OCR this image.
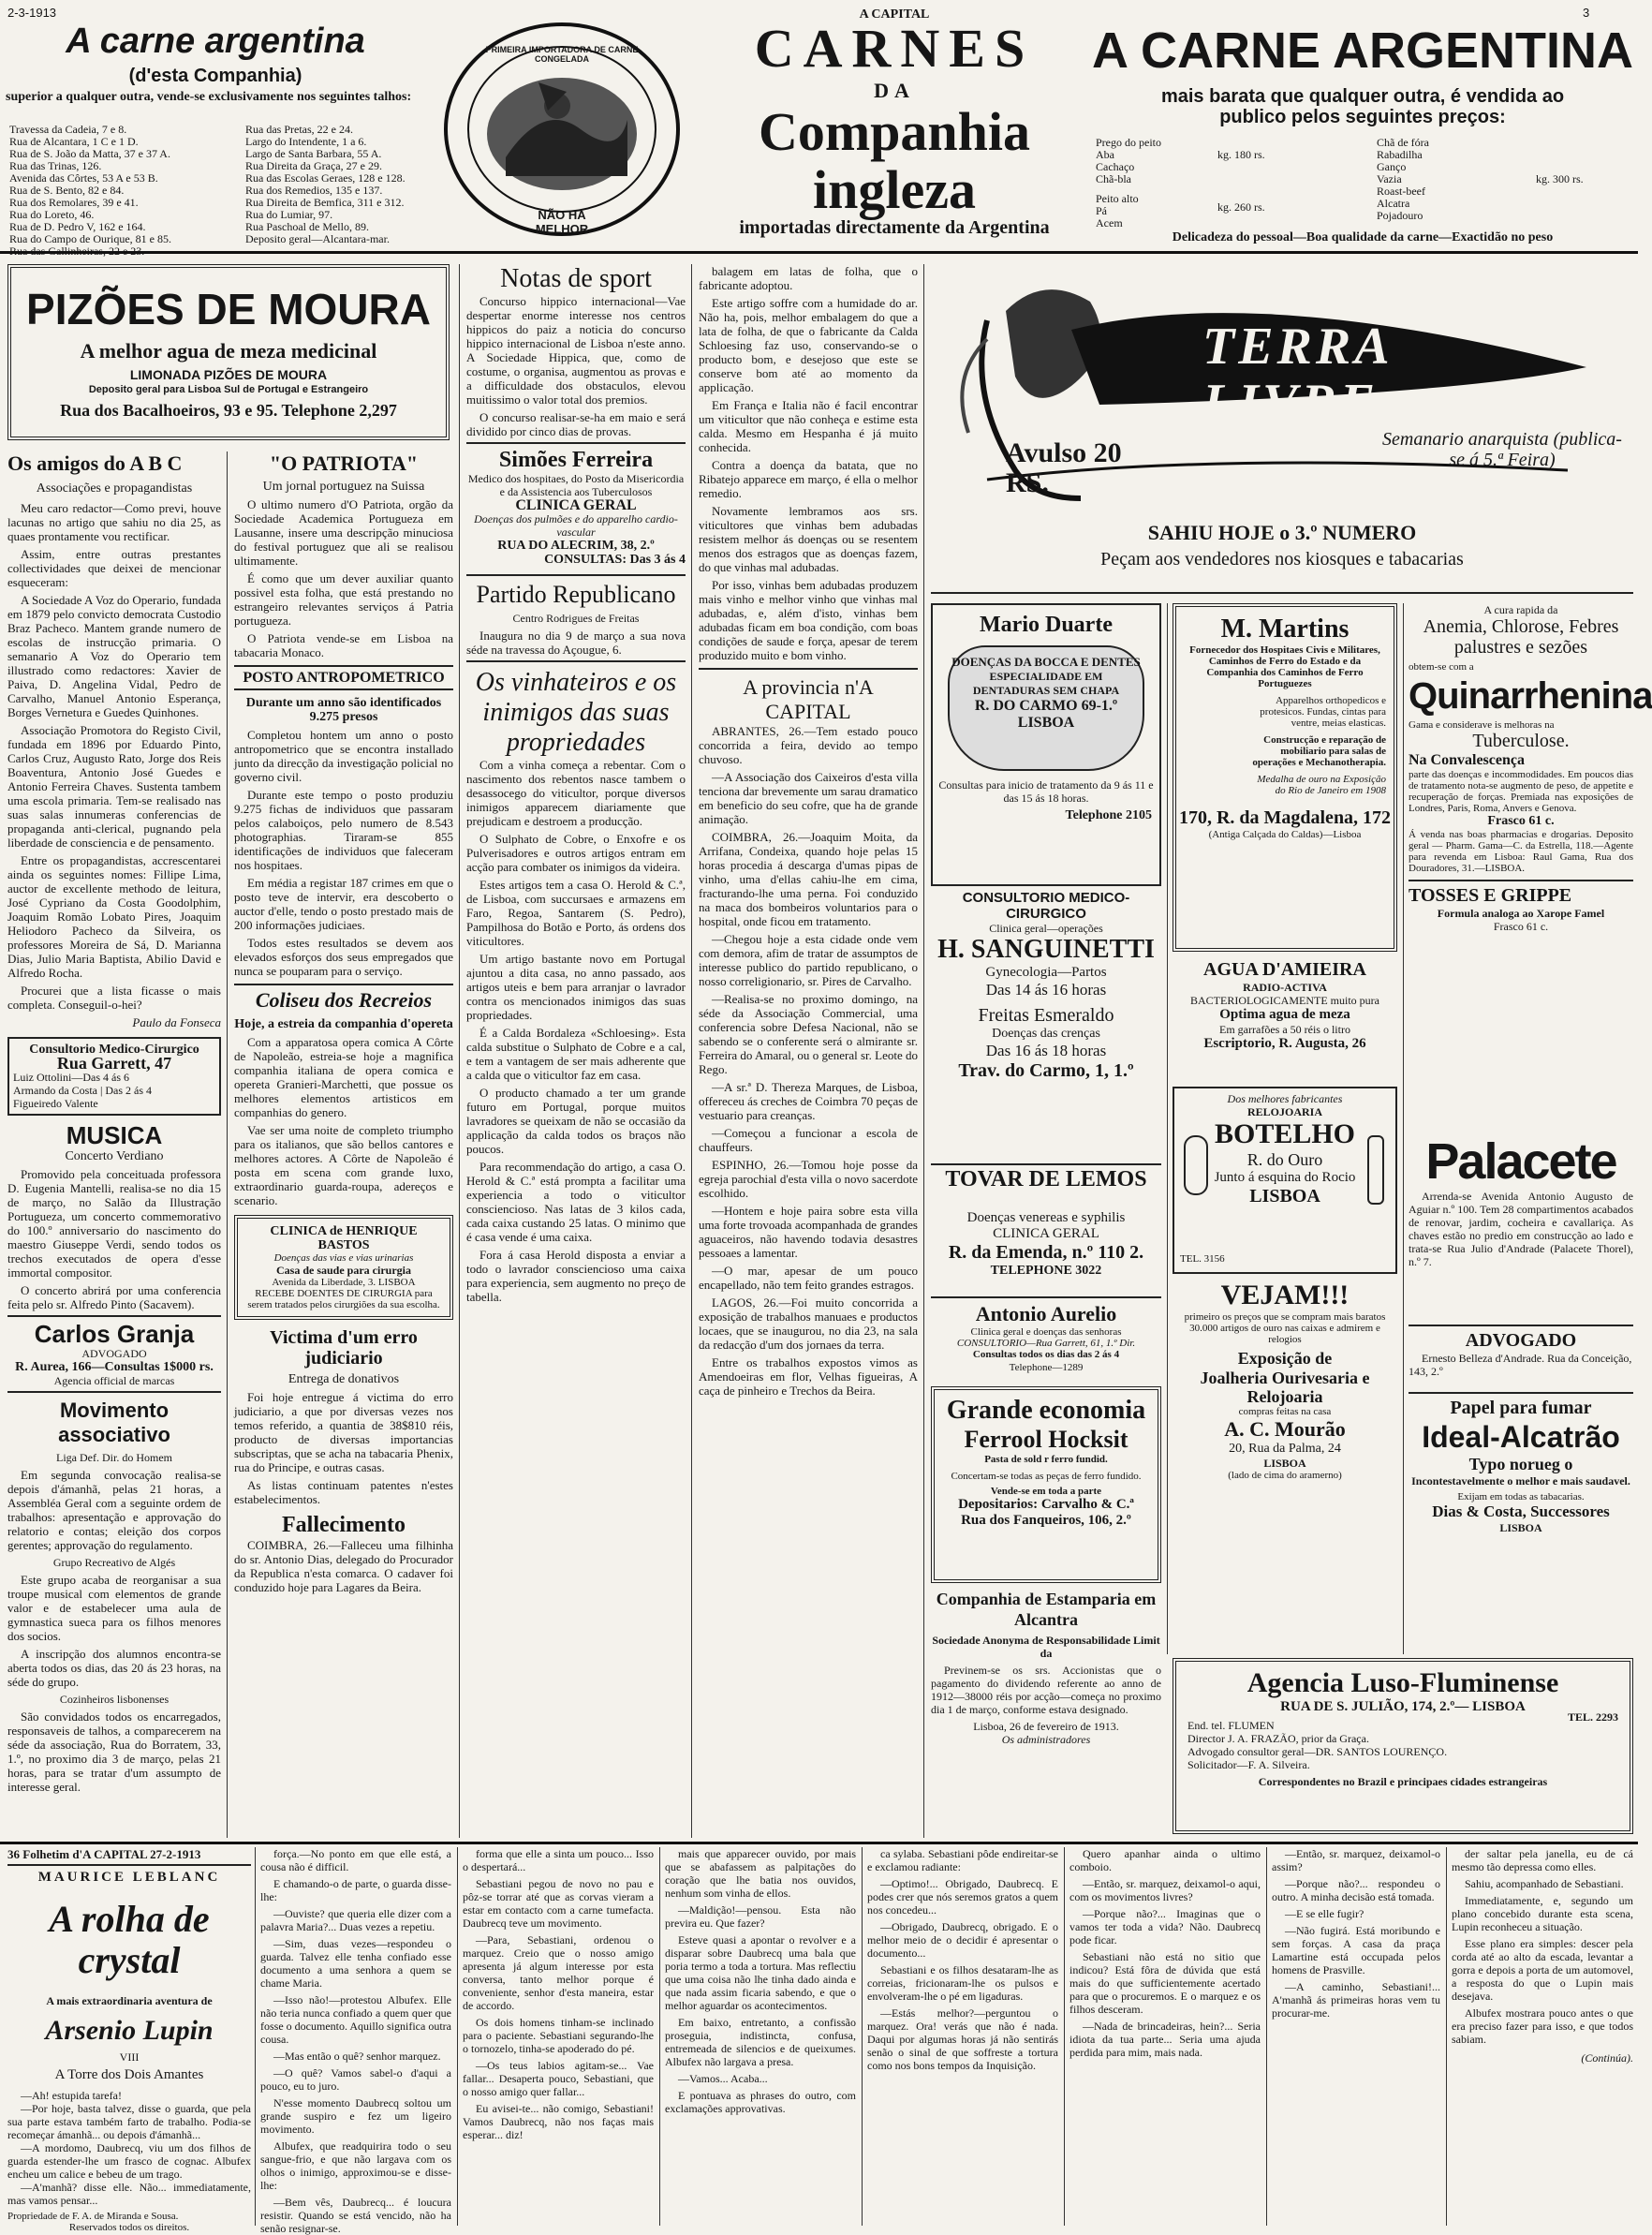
2-3-1913	3
A carne argentina
(d'esta Companhia)
superior a qualquer outra, vende-se exclusivamente nos seguintes talhos:
Travessa da Cadeia, 7 e 8.
Rua de Alcantara, 1 C e 1 D.
Rua de S. João da Matta, 37 e 37 A.
Rua das Trinas, 126.
Avenida das Côrtes, 53 A e 53 B.
Rua de S. Bento, 82 e 84.
Rua dos Remolares, 39 e 41.
Rua do Loreto, 46.
Rua de D. Pedro V, 162 e 164.
Rua do Campo de Ourique, 81 e 85.
Rua das Pretas, 22 e 24.
Largo do Intendente, 1 a 6.
Largo de Santa Barbara, 55 A.
Rua Direita da Graça, 27 e 29.
Rua das Escolas Geraes, 128 e 128.
Rua dos Remedios, 135 e 137.
Rua Direita de Bemfica, 311 e 312.
Rua do Lumiar, 97.
Rua Paschoal de Mello, 89.
Deposito geral—Alcantara-mar.
PRIMEIRA IMPORTADORA DE CARNE CONGELADA
NÃO HA MELHOR
A CAPITAL
CARNES
DA
Companhia ingleza
importadas directamente da Argentina
A CARNE ARGENTINA
mais barata que qualquer outra, é vendida ao
publico pelos seguintes preços:
Prego do peito
Aba
Cachaço
Chã-bla
kg. 180 rs.
Peito alto
Pá
Acem
kg. 260 rs.
Chã de fóra
Rabadilha
Ganço
Vazia
Roast-beef
Alcatra
Pojadouro
kg. 300 rs.
Delicadeza do pessoal—Boa qualidade da carne—Exactidão no peso
PIZÕES DE MOURA
A melhor agua de meza medicinal
LIMONADA PIZÕES DE MOURA
Deposito geral para Lisboa Sul de Portugal e Estrangeiro
Rua dos Bacalhoeiros, 93 e 95. Telephone 2,297
Os amigos do A B C
Associações e propagandistas

Meu caro redactor—Como previ, houve lacunas no artigo que sahiu no dia 25, as quaes prontamente vou rectificar.

Assim, entre outras prestantes collectividades que deixei de mencionar esqueceram:

A Sociedade A Voz do Operario, fundada em 1879 pelo convicto democrata Custodio Braz Pacheco. Mantem grande numero de escolas de instrucção primaria. O semanario A Voz do Operario tem illustrado como redactores: Xavier de Paiva, D. Angelina Vidal, Pedro de Carvalho, Manuel Antonio Esperança, Borges Vernetura e Guedes Quinhones.

Associação Promotora do Registo Civil, fundada em 1896 por Eduardo Pinto, Carlos Cruz, Augusto Rato, Jorge dos Reis Boaventura, Antonio José Guedes e Antonio Ferreira Chaves. Sustenta tambem uma escola primaria. Tem-se realisado nas suas salas innumeras conferencias de propaganda anti-clerical, pugnando pela liberdade de consciencia e de pensamento.

Entre os propagandistas, accrescentarei ainda os seguintes nomes: Fillipe Lima, auctor de excellente methodo de leitura, José Cypriano da Costa Goodolphim, Joaquim Romão Lobato Pires, Joaquim Heliodoro Pacheco da Silveira, os professores Moreira de Sá, D. Marianna Dias, Julio Maria Baptista, Abilio David e Alfredo Rocha.

Procurei que a lista ficasse o mais completa. Conseguil-o-hei?

Paulo da Fonseca
Consultorio Medico-Cirurgico
Rua Garrett, 47
Luiz Ottolini—Das 4 ás 6
Armando da Costa | Das 2 ás 4
Figueiredo Valente
MUSICA
Concerto Verdiano

Promovido pela conceituada professora D. Eugenia Mantelli, realisa-se no dia 15 de março, no Salão da Illustração Portugueza, um concerto commemorativo do 100.º anniversario do nascimento do maestro Giuseppe Verdi, sendo todos os trechos executados de opera d'esse immortal compositor.

O concerto abrirá por uma conferencia feita pelo sr. Alfredo Pinto (Sacavem).

Carlos Granja
ADVOGADO
R. Aurea, 166—Consultas 1$000 rs.
Agencia official de marcas
Movimento associativo
Liga Def. Dir. do Homem

Em segunda convocação realisa-se depois d'ámanhã, pelas 21 horas, a Assembléa Geral com a seguinte ordem de trabalhos: apresentação e approvação do relatorio e contas; eleição dos corpos gerentes; approvação do regulamento.

Grupo Recreativo de Algés

Este grupo acaba de reorganisar a sua troupe musical com elementos de grande valor e de estabelecer uma aula de gymnastica sueca para os filhos menores dos socios.

A inscripção dos alumnos encontra-se aberta todos os dias, das 20 ás 23 horas, na séde do grupo.

Cozinheiros lisbonenses

São convidados todos os encarregados, responsaveis de talhos, a comparecerem na séde da associação, Rua do Borratem, 33, 1.º, no proximo dia 3 de março, pelas 21 horas, para se tratar d'um assumpto de interesse geral.

"O PATRIOTA"
Um jornal portuguez na Suissa

O ultimo numero d'O Patriota, orgão da Sociedade Academica Portugueza em Lausanne, insere uma descripção minuciosa do festival portuguez que ali se realisou ultimamente.

É como que um dever auxiliar quanto possivel esta folha, que está prestando no estrangeiro relevantes serviços á Patria portugueza.

O Patriota vende-se em Lisboa na tabacaria Monaco.

POSTO ANTROPOMETRICO
Durante um anno são identificados 9.275 presos

Completou hontem um anno o posto antropometrico que se encontra installado junto da direcção da investigação policial no governo civil.

Durante este tempo o posto produziu 9.275 fichas de individuos que passaram pelos calaboiços, pelo numero de 8.543 photographias. Tiraram-se 855 identificações de individuos que faleceram nos hospitaes.

Em média a registar 187 crimes em que o posto teve de intervir, era descoberto o auctor d'elle, tendo o posto prestado mais de 200 informações judiciaes.

Todos estes resultados se devem aos elevados esforços dos seus empregados que nunca se pouparam para o serviço.

Coliseu dos Recreios
Hoje, a estreia da companhia d'opereta

Com a apparatosa opera comica A Côrte de Napoleão, estreia-se hoje a magnifica companhia italiana de opera comica e opereta Granieri-Marchetti, que possue os melhores elementos artisticos em companhias do genero.

Vae ser uma noite de completo triumpho para os italianos, que são bellos cantores e melhores actores. A Côrte de Napoleão é posta em scena com grande luxo, extraordinario guarda-roupa, adereços e scenario.

CLINICA de HENRIQUE BASTOS
Doenças das vias e vias urinarias
Casa de saude para cirurgia
Avenida da Liberdade, 3. LISBOA
RECEBE DOENTES DE CIRURGIA para serem tratados pelos cirurgiões da sua escolha.
Victima d'um erro judiciario
Entrega de donativos

Foi hoje entregue á victima do erro judiciario, a que por diversas vezes nos temos referido, a quantia de 38$810 réis, producto de diversas importancias subscriptas, que se acha na tabacaria Phenix, rua do Principe, e outras casas.

As listas continuam patentes n'estes estabelecimentos.

Fallecimento

COIMBRA, 26.—Falleceu uma filhinha do sr. Antonio Dias, delegado do Procurador da Republica n'esta comarca. O cadaver foi conduzido hoje para Lagares da Beira.

Notas de sport

Concurso hippico internacional—Vae despertar enorme interesse nos centros hippicos do paiz a noticia do concurso hippico internacional de Lisboa n'este anno. A Sociedade Hippica, que, como de costume, o organisa, augmentou as provas e a difficuldade dos obstaculos, elevou muitissimo o valor total dos premios.

O concurso realisar-se-ha em maio e será dividido por cinco dias de provas.

Simões Ferreira
Medico dos hospitaes, do Posto da Misericordia e da Assistencia aos Tuberculosos
CLINICA GERAL
Doenças dos pulmões e do apparelho cardio-vascular
RUA DO ALECRIM, 38, 2.º
CONSULTAS: Das 3 ás 4
Partido Republicano
Centro Rodrigues de Freitas

Inaugura no dia 9 de março a sua nova séde na travessa do Açougue, 6.

Os vinhateiros e os inimigos das suas propriedades

Com a vinha começa a rebentar. Com o nascimento dos rebentos nasce tambem o desassocego do viticultor, porque diversos inimigos apparecem diariamente que prejudicam e destroem a producção.

O Sulphato de Cobre, o Enxofre e os Pulverisadores e outros artigos entram em acção para combater os inimigos da videira.

Estes artigos tem a casa O. Herold & C.ª, de Lisboa, com succursaes e armazens em Faro, Regoa, Santarem (S. Pedro), Pampilhosa do Botão e Porto, ás ordens dos viticultores.

Um artigo bastante novo em Portugal ajuntou a dita casa, no anno passado, aos artigos uteis e bem para arranjar o lavrador contra os mencionados inimigos das suas propriedades.

É a Calda Bordaleza «Schloesing». Esta calda substitue o Sulphato de Cobre e a cal, e tem a vantagem de ser mais adherente que a calda que o viticultor faz em casa.

O producto chamado a ter um grande futuro em Portugal, porque muitos lavradores se queixam de não se occasião da applicação da calda todos os braços não poucos.

Para recommendação do artigo, a casa O. Herold & C.ª está prompta a facilitar uma experiencia a todo o viticultor consciencioso. Nas latas de 3 kilos cada, cada caixa custando 25 latas. O minimo que é casa vende é uma caixa.

Fora á casa Herold disposta a enviar a todo o lavrador consciencioso uma caixa para experiencia, sem augmento no preço de tabella.

balagem em latas de folha, que o fabricante adoptou.

Este artigo soffre com a humidade do ar. Não ha, pois, melhor embalagem do que a lata de folha, de que o fabricante da Calda Schloesing faz uso, conservando-se o producto bom, e desejoso que este se conserve bom até ao momento da applicação.

Em França e Italia não é facil encontrar um viticultor que não conheça e estime esta calda. Mesmo em Hespanha é já muito conhecida.

Contra a doença da batata, que no Ribatejo apparece em março, é ella o melhor remedio.

Novamente lembramos aos srs. viticultores que vinhas bem adubadas resistem melhor ás doenças ou se resentem menos dos estragos que as doenças fazem, do que vinhas mal adubadas.

Por isso, vinhas bem adubadas produzem mais vinho e melhor vinho que vinhas mal adubadas, e, além d'isto, vinhas bem adubadas ficam em boa condição, com boas condições de saude e força, apesar de terem produzido muito e bom vinho.

A provincia n'A CAPITAL

ABRANTES, 26.—Tem estado pouco concorrida a feira, devido ao tempo chuvoso.

—A Associação dos Caixeiros d'esta villa tenciona dar brevemente um sarau dramatico em beneficio do seu cofre, que ha de grande animação.

COIMBRA, 26.—Joaquim Moita, da Arrifana, Condeixa, quando hoje pelas 15 horas procedia á descarga d'umas pipas de vinho, uma d'ellas cahiu-lhe em cima, fracturando-lhe uma perna. Foi conduzido na maca dos bombeiros voluntarios para o hospital, onde ficou em tratamento.

—Chegou hoje a esta cidade onde vem com demora, afim de tratar de assumptos de interesse publico do partido republicano, o nosso correligionario, sr. Pires de Carvalho.

—Realisa-se no proximo domingo, na séde da Associação Commercial, uma conferencia sobre Defesa Nacional, não se sabendo se o conferente será o almirante sr. Ferreira do Amaral, ou o general sr. Leote do Rego.

—A sr.ª D. Thereza Marques, de Lisboa, offereceu ás creches de Coimbra 70 peças de vestuario para creanças.

—Começou a funcionar a escola de chauffeurs.

ESPINHO, 26.—Tomou hoje posse da egreja parochial d'esta villa o novo sacerdote escolhido.

—Hontem e hoje paira sobre esta villa uma forte trovoada acompanhada de grandes aguaceiros, não havendo todavia desastres pessoaes a lamentar.

—O mar, apesar de um pouco encapellado, não tem feito grandes estragos.

LAGOS, 26.—Foi muito concorrida a exposição de trabalhos manuaes e productos locaes, que se inaugurou, no dia 23, na sala da redacção d'um dos jornaes da terra.

Entre os trabalhos expostos vimos as Amendoeiras em flor, Velhas figueiras, A caça de pinheiro e Trechos da Beira.

TERRA LIVRE
Avulso 20 RS.
Semanario anarquista (publica-se á 5.ª Feira)
SAHIU HOJE o 3.º NUMERO
Peçam aos vendedores nos kiosques e tabacarias
Mario Duarte
DOENÇAS DA BOCCA E DENTES
ESPECIALIDADE EM DENTADURAS SEM CHAPA
R. DO CARMO 69-1.º
LISBOA
Consultas para inicio de tratamento da 9 ás 11 e das 15 ás 18 horas.
Telephone 2105
CONSULTORIO MEDICO-CIRURGICO
Clinica geral—operações
H. SANGUINETTI
Gynecologia—Partos
Das 14 ás 16 horas
Freitas Esmeraldo
Doenças das crenças
Das 16 ás 18 horas
Trav. do Carmo, 1, 1.º
TOVAR DE LEMOS
Doenças venereas e syphilis
CLINICA GERAL
R. da Emenda, n.º 110 2.
TELEPHONE 3022
Antonio Aurelio
Clinica geral e doenças das senhoras
CONSULTORIO—Rua Garrett, 61, 1.º Dir.
Consultas todos os dias das 2 ás 4
Telephone—1289
Grande economia
Ferrool Hocksit
Pasta de sold r ferro fundid.
Concertam-se todas as peças de ferro fundido.
Vende-se em toda a parte
Depositarios: Carvalho & C.ª
Rua dos Fanqueiros, 106, 2.º
Companhia de Estamparia em Alcantra
Sociedade Anonyma de Responsabilidade Limit da
Previnem-se os srs. Accionistas que o pagamento do dividendo referente ao anno de 1912—38000 réis por acção—começa no proximo dia 1 de março, conforme estava designado.
Lisboa, 26 de fevereiro de 1913.
Os administradores
M. Martins
Fornecedor dos Hospitaes Civis e Militares, Caminhos de Ferro do Estado e da Companhia dos Caminhos de Ferro Portuguezes
Apparelhos orthopedicos e protesicos. Fundas, cintas para ventre, meias elasticas.
Construcção e reparação de mobiliario para salas de operações e Mechanotherapia.
Medalha de ouro na Exposição do Rio de Janeiro em 1908
170, R. da Magdalena, 172
(Antiga Calçada do Caldas)—Lisboa
AGUA D'AMIEIRA
RADIO-ACTIVA
BACTERIOLOGICAMENTE muito pura
Optima agua de meza
Em garrafões a 50 réis o litro
Escriptorio, R. Augusta, 26
Dos melhores fabricantes
RELOJOARIA
BOTELHO
R. do Ouro
Junto á esquina do Rocio
LISBOA
TEL. 3156
VEJAM!!!
primeiro os preços que se compram mais baratos 30.000 artigos de ouro nas caixas e admirem e relogios
Exposição de
Joalheria Ourivesaria e Relojoaria
compras feitas na casa
A. C. Mourão
20, Rua da Palma, 24
LISBOA
(lado de cima do aramerno)
A cura rapida da
Anemia, Chlorose, Febres palustres e sezões
obtem-se com a
Quinarrhenina
Gama e considerave is melhoras na
Tuberculose.
Na Convalescença
parte das doenças e incommodidades. Em poucos dias de tratamento nota-se augmento de peso, de appetite e recuperação de forças. Premiada nas exposições de Londres, Paris, Roma, Anvers e Genova.
Frasco 61 c.
Á venda nas boas pharmacias e drogarias. Deposito geral — Pharm. Gama—C. da Estrella, 118.—Agente para revenda em Lisboa: Raul Gama, Rua dos Douradores, 31.—LISBOA.
TOSSES E GRIPPE
Formula analoga ao Xarope Famel
Frasco 61 c.
Palacete
Arrenda-se Avenida Antonio Augusto de Aguiar n.º 100. Tem 28 compartimentos acabados de renovar, jardim, cocheira e cavallariça. As chaves estão no predio em construcção ao lado e trata-se Rua Julio d'Andrade (Palacete Thorel), n.º 7.
ADVOGADO
Ernesto Belleza d'Andrade. Rua da Conceição, 143, 2.º
Papel para fumar
Ideal-Alcatrão
Typo norueg o
Incontestavelmente o melhor e mais saudavel.
Exijam em todas as tabacarias.
Dias & Costa, Successores
LISBOA
Agencia Luso-Fluminense
RUA DE S. JULIÃO, 174, 2.º— LISBOA
TEL. 2293
End. tel. FLUMEN
Director J. A. FRAZÃO, prior da Graça.
Advogado consultor geral—DR. SANTOS LOURENÇO.
Solicitador—F. A. Silveira.
Correspondentes no Brazil e principaes cidades estrangeiras
36 Folhetim d'A CAPITAL 27-2-1913
MAURICE LEBLANC
A rolha de crystal
A mais extraordinaria aventura de
Arsenio Lupin
VIII
A Torre dos Dois Amantes

—Ah! estupida tarefa!

—Por hoje, basta talvez, disse o guarda, que pela sua parte estava também farto de trabalho. Podia-se recomeçar ámanhã... ou depois d'ámanhã...

—A mordomo, Daubrecq, viu um dos filhos de guarda estender-lhe um frasco de cognac. Albufex encheu um calice e bebeu de um trago.

—A'manhã? disse elle. Não... immediatamente, mas vamos pensar...

Propriedade de F. A. de Miranda e Sousa.
Reservados todos os direitos.

força.—No ponto em que elle está, a cousa não é difficil.

E chamando-o de parte, o guarda disse-lhe:

—Ouviste? que queria elle dizer com a palavra Maria?... Duas vezes a repetiu.

—Sim, duas vezes—respondeu o guarda. Talvez elle tenha confiado esse documento a uma senhora a quem se chame Maria.

—Isso não!—protestou Albufex. Elle não teria nunca confiado a quem quer que fosse o documento. Aquillo significa outra cousa.

—Mas então o quê? senhor marquez.

—O quê? Vamos sabel-o d'aqui a pouco, eu to juro.

N'esse momento Daubrecq soltou um grande suspiro e fez um ligeiro movimento.

Albufex, que readquirira todo o seu sangue-frio, e que não largava com os olhos o inimigo, approximou-se e disse-lhe:

—Bem vês, Daubrecq... é loucura resistir. Quando se está vencido, não ha senão resignar-se.

forma que elle a sinta um pouco... Isso o despertará...

Sebastiani pegou de novo no pau e pôz-se torrar até que as corvas vieram a estar em contacto com a carne tumefacta. Daubrecq teve um movimento.

—Para, Sebastiani, ordenou o marquez. Creio que o nosso amigo apresenta já algum interesse por esta conversa, tanto melhor porque é conveniente, senhor d'esta maneira, estar de accordo.

Os dois homens tinham-se inclinado para o paciente. Sebastiani segurando-lhe o tornozelo, tinha-se apoderado do pé.

—Os teus labios agitam-se... Vae fallar... Desaperta pouco, Sebastiani, que o nosso amigo quer fallar...

Eu avisei-te... não comigo, Sebastiani! Vamos Daubrecq, não nos faças mais esperar... diz!

mais que apparecer ouvido, por mais que se abafassem as palpitações do coração que lhe batia nos ouvidos, nenhum som vinha de ellos.

—Maldição!—pensou. Esta não previra eu. Que fazer?

Esteve quasi a apontar o revolver e a disparar sobre Daubrecq uma bala que poria termo a toda a tortura. Mas reflectiu que uma coisa não lhe tinha dado ainda e que nada assim ficaria sabendo, e que o melhor aguardar os acontecimentos.

Em baixo, entretanto, a confissão proseguia, indistincta, confusa, entremeada de silencios e de queixumes. Albufex não largava a presa.

—Vamos... Acaba...

E pontuava as phrases do outro, com exclamações approvativas.

ca sylaba. Sebastiani pôde endireitar-se e exclamou radiante:

—Optimo!... Obrigado, Daubrecq. E podes crer que nós seremos gratos a quem nos concedeu...

—Obrigado, Daubrecq, obrigado. E o melhor meio de o decidir é apresentar o documento...

Sebastiani e os filhos desataram-lhe as correias, fricionaram-lhe os pulsos e envolveram-lhe o pé em ligaduras.

—Estás melhor?—perguntou o marquez. Ora! verás que não é nada. Daqui por algumas horas já não sentirás senão o sinal de que soffreste a tortura como nos bons tempos da Inquisição.

Quero apanhar ainda o ultimo comboio.

—Então, sr. marquez, deixamol-o aqui, com os movimentos livres?

—Porque não?... Imaginas que o vamos ter toda a vida? Não. Daubrecq pode ficar.

Sebastiani não está no sitio que indicou? Está fôra de dúvida que está mais do que sufficientemente acertado para que o procuremos. E o marquez e os filhos desceram.

—Nada de brincadeiras, hein?... Seria idiota da tua parte... Seria uma ajuda perdida para mim, mais nada.

—Então, sr. marquez, deixamol-o assim?

—Porque não?... respondeu o outro. A minha decisão está tomada.

—E se elle fugir?

—Não fugirá. Está moribundo e sem forças. A casa da praça Lamartine está occupada pelos homens de Prasville.

—A caminho, Sebastiani!... A'manhã ás primeiras horas vem tu procurar-me.

der saltar pela janella, eu de cá mesmo tão depressa como elles.

Sahiu, acompanhado de Sebastiani.

Immediatamente, e, segundo um plano concebido durante esta scena, Lupin reconheceu a situação.

Esse plano era simples: descer pela corda até ao alto da escada, levantar a gorra e depois a porta de um automovel, a resposta do que o Lupin mais desejava.

Albufex mostrara pouco antes o que era preciso fazer para isso, e que todos sabiam.

(Continúa).
